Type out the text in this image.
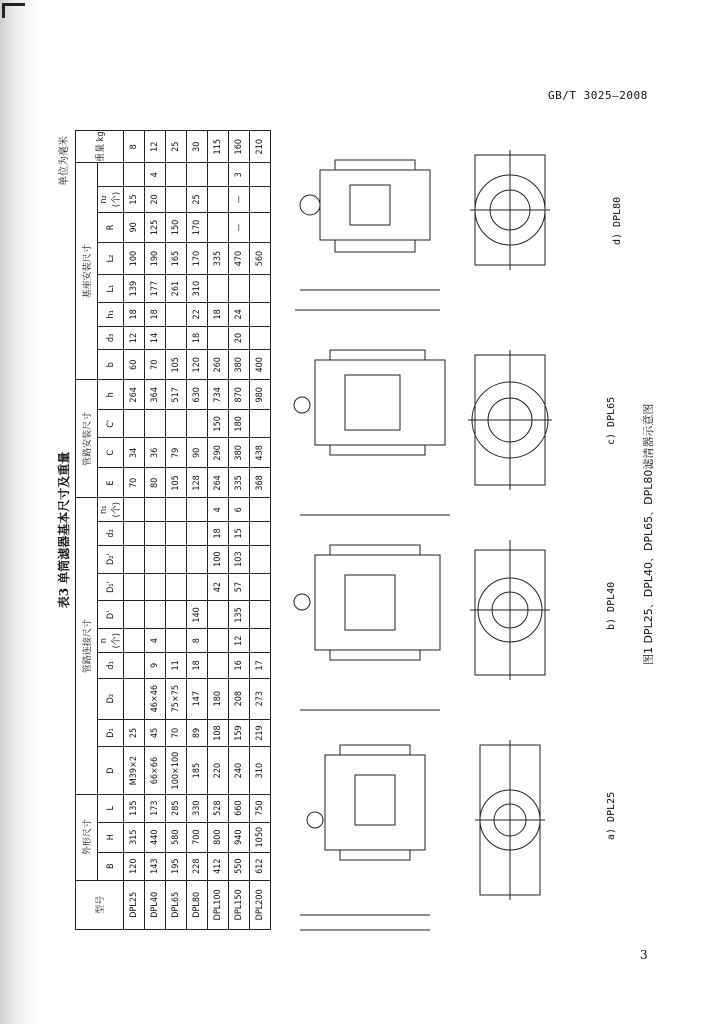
GB/T 3025—2008
3
表3 单筒滤器基本尺寸及重量
单位为毫米
型号	外形尺寸			管路连接尺寸										管路安装尺寸				基座安装尺寸								重量 kg
	B	H	L	D	D₁	D₂	d₁	n (个)	D'	D₁'	D₂'	d₂	n₁ (个)	E	C	C'	h	b	d₃	h₁	L₁	L₂	R	n₂ (个)		
DPL25	120	315	135	M39×2	25									70	34		264	60	12	18	139	100	90	15		8
DPL40	143	440	173	66×66	45	46×46	9	4						80	36		364	70	14	18	177	190	125	20	4	12
DPL65	195	580	285	100×100	70	75×75	11							105	79		517	105			261	165	150			25
DPL80	228	700	330	185	89	147	18	8	140					128	90		630	120	18	22	310	170	170	25		30
DPL100	412	800	528	220	108	180				42	100	18	4	264	290	150	734	260		18		335				115
DPL150	550	940	660	240	159	208	16	12	135	57	103	15	6	335	380	180	870	380	20	24		470	—	—	3	160
DPL200	612	1050	750	310	219	273	17							368	438		980	400				560				210
d) DPL80
c) DPL65
b) DPL40
a) DPL25
图1 DPL25、DPL40、DPL65、DPL80滤清器示意图
